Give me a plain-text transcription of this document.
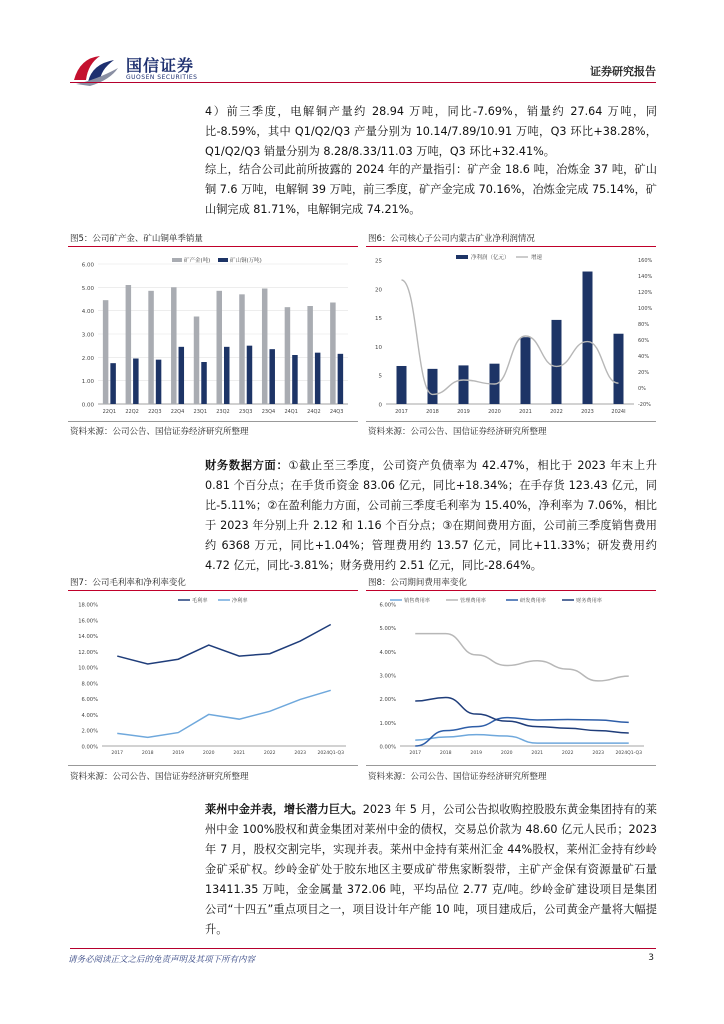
国信证券
GUOSEN SECURITIES	证券研究报告
4）前三季度，电解铜产量约 28.94 万吨，同比-7.69%，销量约 27.64 万吨，同比-8.59%，其中 Q1/Q2/Q3 产量分别为 10.14/7.89/10.91 万吨，Q3 环比+38.28%，Q1/Q2/Q3 销量分别为 8.28/8.33/11.03 万吨，Q3 环比+32.41%。
综上，结合公司此前所披露的 2024 年的产量指引：矿产金 18.6 吨，冶炼金 37 吨，矿山铜 7.6 万吨，电解铜 39 万吨，前三季度，矿产金完成 70.16%，冶炼金完成 75.14%，矿山铜完成 81.71%，电解铜完成 74.21%。
图5：公司矿产金、矿山铜单季销量
0.00
1.00
2.00
3.00
4.00
5.00
6.00
22Q1 22Q2 22Q3 22Q4 23Q1 23Q2 23Q3 23Q4 24Q1 24Q2 24Q3
矿产金(吨)	矿山铜(万吨)
资料来源：公司公告、国信证券经济研究所整理
图6：公司核心子公司内蒙古矿业净利润情况
0
5
10
15
20
25
-20%
0%
20%
40%
60%
80%
100%
120%
140%
160%
2017	2018	2019	2020	2021	2022	2023	2024I
净利润（亿元）	增速
资料来源：公司公告、国信证券经济研究所整理
财务数据方面：①截止至三季度，公司资产负债率为 42.47%，相比于 2023 年末上升 0.81 个百分点；在手货币资金 83.06 亿元，同比+18.34%；在手存货 123.43 亿元，同比-5.11%；②在盈利能力方面，公司前三季度毛利率为 15.40%，净利率为 7.06%，相比于 2023 年分别上升 2.12 和 1.16 个百分点；③在期间费用方面，公司前三季度销售费用约 6368 万元，同比+1.04%；管理费用约 13.57 亿元，同比+11.33%；研发费用约 4.72 亿元，同比-3.81%；财务费用约 2.51 亿元，同比-28.64%。
图7：公司毛利率和净利率变化
0.00%
2.00%
4.00%
6.00%
8.00%
10.00%
12.00%
14.00%
16.00%
18.00%
2017	2018	2019	2020	2021	2022	2023 2024Q1-Q3
毛利率	净利率
资料来源：公司公告、国信证券经济研究所整理
图8：公司期间费用率变化
0.00%
1.00%
2.00%
3.00%
4.00%
5.00%
6.00%
2017	2018	2019	2020	2021	2022	2023 2024Q1-Q3
销售费用率	管理费用率	研发费用率	财务费用率
资料来源：公司公告、国信证券经济研究所整理
莱州中金并表，增长潜力巨大。2023 年 5 月，公司公告拟收购控股股东黄金集团持有的莱州中金 100%股权和黄金集团对莱州中金的债权，交易总价款为 48.60 亿元人民币；2023 年 7 月，股权交割完毕，实现并表。莱州中金持有莱州汇金 44%股权，莱州汇金持有纱岭金矿采矿权。纱岭金矿处于胶东地区主要成矿带焦家断裂带，主矿产金保有资源量矿石量 13411.35 万吨，金金属量 372.06 吨，平均品位 2.77 克/吨。纱岭金矿建设项目是集团公司“十四五”重点项目之一，项目设计年产能 10 吨，项目建成后，公司黄金产量将大幅提升。
请务必阅读正文之后的免责声明及其项下所有内容	3
